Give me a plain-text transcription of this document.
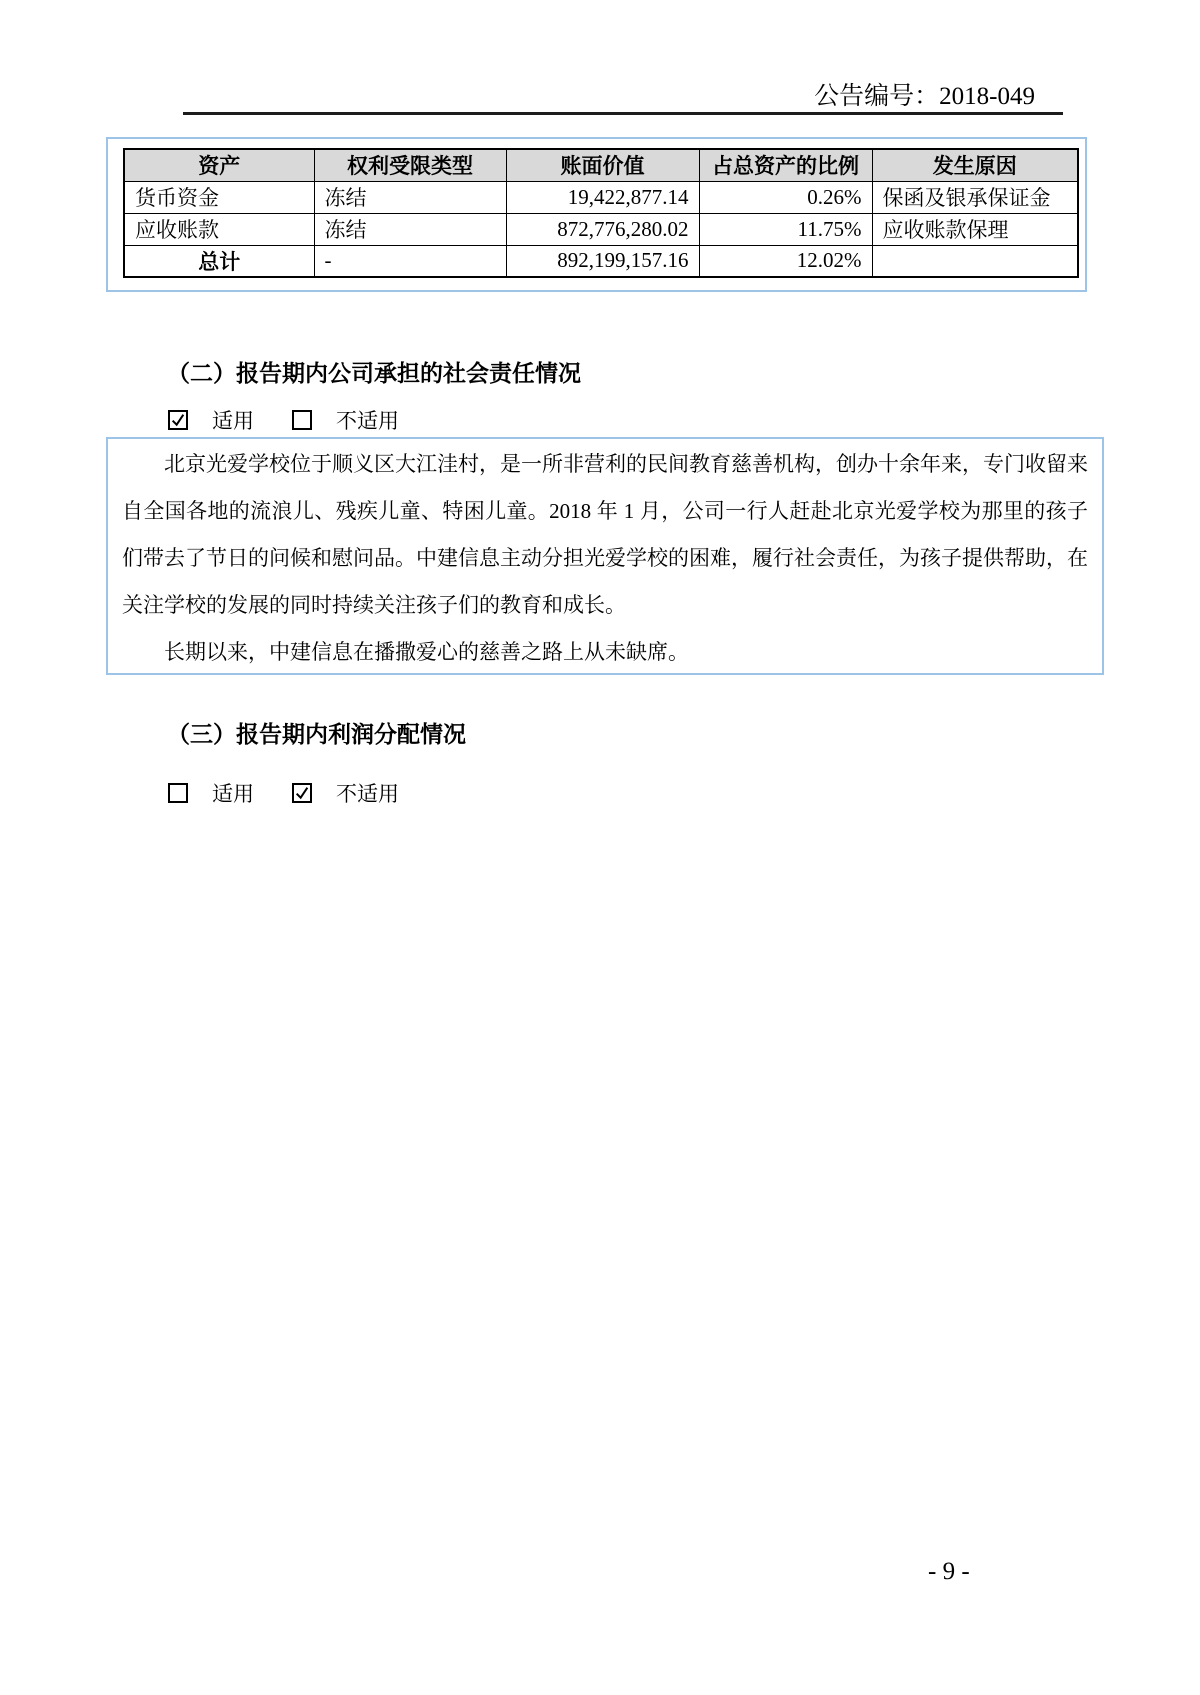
公告编号：2018-049
资产	权利受限类型	账面价值	占总资产的比例	发生原因
货币资金	冻结	19,422,877.14	0.26%	保函及银承保证金
应收账款	冻结	872,776,280.02	11.75%	应收账款保理
总计	-	892,199,157.16	12.02%	
（二）报告期内公司承担的社会责任情况
适用	不适用

北京光爱学校位于顺义区大江洼村，是一所非营利的民间教育慈善机构，创办十余年来，专门收留来自全国各地的流浪儿、残疾儿童、特困儿童。2018 年 1 月，公司一行人赶赴北京光爱学校为那里的孩子们带去了节日的问候和慰问品。中建信息主动分担光爱学校的困难，履行社会责任，为孩子提供帮助，在关注学校的发展的同时持续关注孩子们的教育和成长。

长期以来，中建信息在播撒爱心的慈善之路上从未缺席。

（三）报告期内利润分配情况
适用	不适用
- 9 -
